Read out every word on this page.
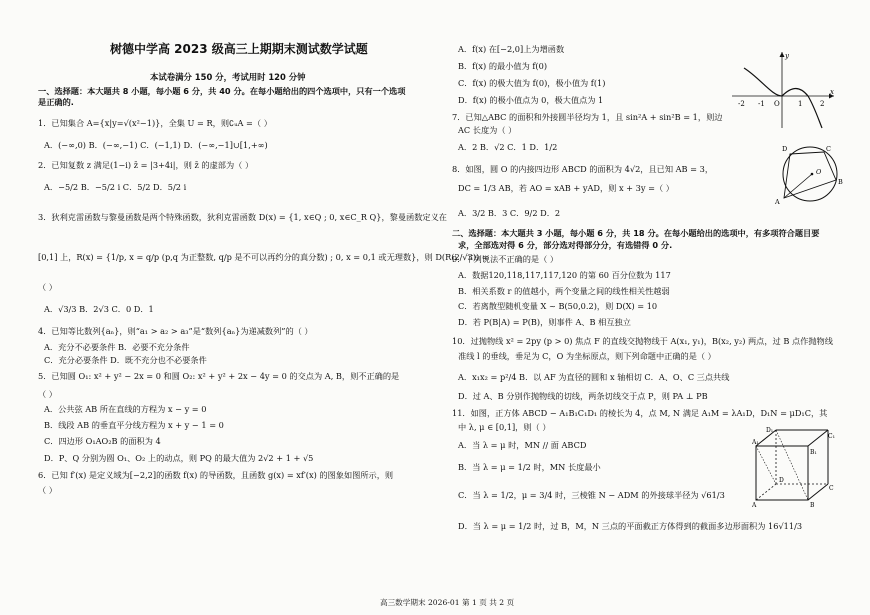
树德中学高 2023 级高三上期期末测试数学试题
本试卷满分 150 分，考试用时 120 分钟
一、选择题：本大题共 8 小题，每小题 6 分，共 40 分。在每小题给出的四个选项中，只有一个选项
是正确的.
1．已知集合 A={x|y=√(x²−1)}，全集 U = R，则∁ᵤA =（ ）
A．(−∞,0) B．(−∞,−1) C．(−1,1) D．(−∞,−1]∪[1,+∞)
2．已知复数 z 满足(1−i) z̄ = |3+4i|，则 z̄ 的虚部为（ ）
A．−5/2 B．−5/2 i C．5/2 D．5/2 i
3．狄利克雷函数与黎曼函数是两个特殊函数，狄利克雷函数 D(x) = {1, x∈Q ; 0, x∈C_R Q}，黎曼函数定义在
[0,1] 上，R(x) = {1/p, x = q/p (p,q 为正整数, q/p 是不可以再约分的真分数) ; 0, x = 0,1 或无理数}，则 D(R(2/√3)) =
（ ）
A．√3/3 B．2√3 C．0 D．1
4．已知等比数列{aₙ}，则“a₁ > a₂ > a₃”是“数列{aₙ}为递减数列”的（ ）
A．充分不必要条件 B．必要不充分条件
C．充分必要条件 D．既不充分也不必要条件
5．已知圆 O₁: x² + y² − 2x = 0 和圆 O₂: x² + y² + 2x − 4y = 0 的交点为 A, B，则不正确的是
（ ）
A．公共弦 AB 所在直线的方程为 x − y = 0
B．线段 AB 的垂直平分线方程为 x + y − 1 = 0
C．四边形 O₁AO₂B 的面积为 4
D．P、Q 分别为圆 O₁、O₂ 上的动点，则 PQ 的最大值为 2√2 + 1 + √5
6．已知 f′(x) 是定义域为[−2,2]的函数 f(x) 的导函数，且函数 g(x) = xf′(x) 的图象如图所示，则
（ ）
A．f(x) 在[−2,0]上为增函数
B．f(x) 的最小值为 f(0)
C．f(x) 的极大值为 f(0)，极小值为 f(1)
D．f(x) 的极小值点为 0，极大值点为 1
7．已知△ABC 的面积和外接圆半径均为 1，且 sin²A + sin²B = 1，则边
AC 长度为（ ）
A．2 B．√2 C．1 D．1/2
8．如图，圆 O 的内接四边形 ABCD 的面积为 4√2，且已知 AB = 3，
DC = 1/3 AB，若 AO = xAB + yAD，则 x + 3y =（ ）
A．3/2 B．3 C．9/2 D．2
二、选择题：本大题共 3 小题，每小题 6 分，共 18 分。在每小题给出的选项中，有多项符合题目要
求，全部选对得 6 分，部分选对得部分分，有选错得 0 分.
9．下列说法不正确的是（ ）
A．数据120,118,117,117,120 的第 60 百分位数为 117
B．相关系数 r 的值越小，两个变量之间的线性相关性越弱
C．若离散型随机变量 X ~ B(50,0.2)，则 D(X) = 10
D．若 P(B|A) = P(B)，则事件 A、B 相互独立
10．过抛物线 x² = 2py (p > 0) 焦点 F 的直线交抛物线于 A(x₁, y₁)，B(x₂, y₂) 两点，过 B 点作抛物线
准线 l 的垂线，垂足为 C，O 为坐标原点，则下列命题中正确的是（ ）
A．x₁x₂ = p²/4 B．以 AF 为直径的圆和 x 轴相切 C．A、O、C 三点共线
D．过 A、B 分别作抛物线的切线，两条切线交于点 P，则 PA ⊥ PB
11．如图，正方体 ABCD − A₁B₁C₁D₁ 的棱长为 4，点 M, N 满足 A₁M = λA₁D，D₁N = μD₁C，其
中 λ, μ ∈ [0,1]，则（ ）
A．当 λ = μ 时，MN // 面 ABCD
B．当 λ = μ = 1/2 时，MN 长度最小
C．当 λ = 1/2，μ = 3/4 时，三棱锥 N − ADM 的外接球半径为 √61/3
D．当 λ = μ = 1/2 时，过 B，M，N 三点的平面截正方体得到的截面多边形面积为 16√11/3
-2 -1 O	1	2
x
y
D	C
O
A
B
D₁
C₁
A₁
B₁
D
C
A	B
高三数学期末 2026-01 第 1 页 共 2 页
